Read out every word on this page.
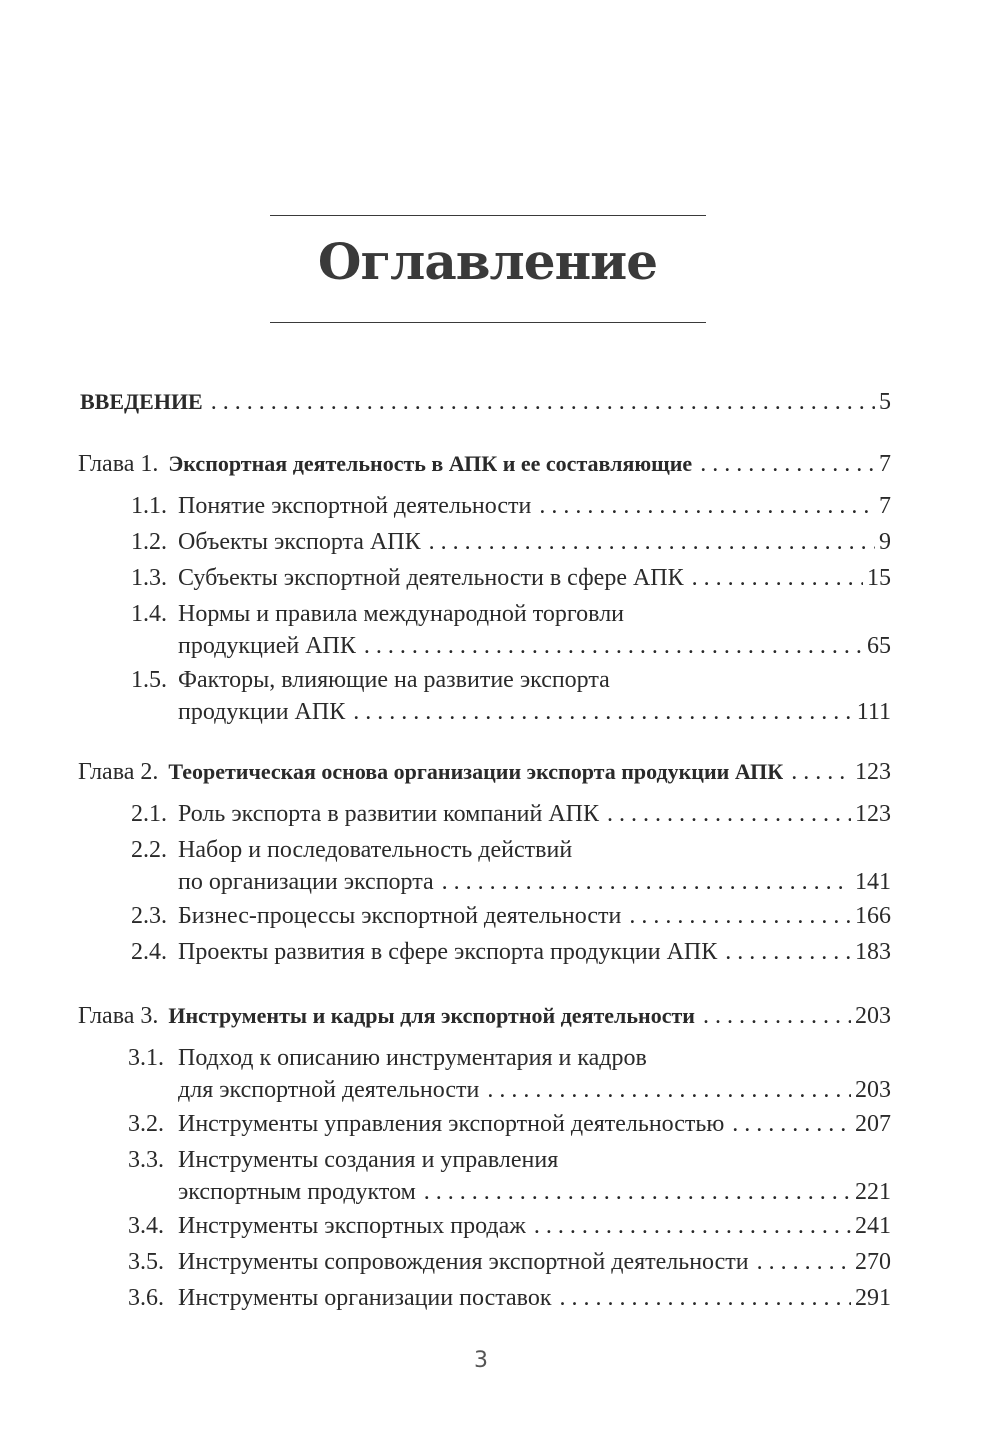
Оглавление
ВВЕДЕНИЕ . . .	5
Глава 1. Экспортная деятельность в АПК и ее составляющие . . .	7
1.1. Понятие экспортной деятельности . . .	7
1.2. Объекты экспорта АПК . . .	9
1.3. Субъекты экспортной деятельности в сфере АПК . . .	15
1.4. Нормы и правила международной торговли
продукцией АПК . . .	65
1.5. Факторы, влияющие на развитие экспорта
продукции АПК . . .	111
Глава 2. Теоретическая основа организации экспорта продукции АПК . . .	123
2.1. Роль экспорта в развитии компаний АПК . . .	123
2.2. Набор и последовательность действий
по организации экспорта . . .	141
2.3. Бизнес-процессы экспортной деятельности . . .	166
2.4. Проекты развития в сфере экспорта продукции АПК . . .	183
Глава 3. Инструменты и кадры для экспортной деятельности . . .	203
3.1. Подход к описанию инструментария и кадров
для экспортной деятельности . . .	203
3.2. Инструменты управления экспортной деятельностью . . .	207
3.3. Инструменты создания и управления
экспортным продуктом . . .	221
3.4. Инструменты экспортных продаж . . .	241
3.5. Инструменты сопровождения экспортной деятельности . . .	270
3.6. Инструменты организации поставок . . .	291
3
